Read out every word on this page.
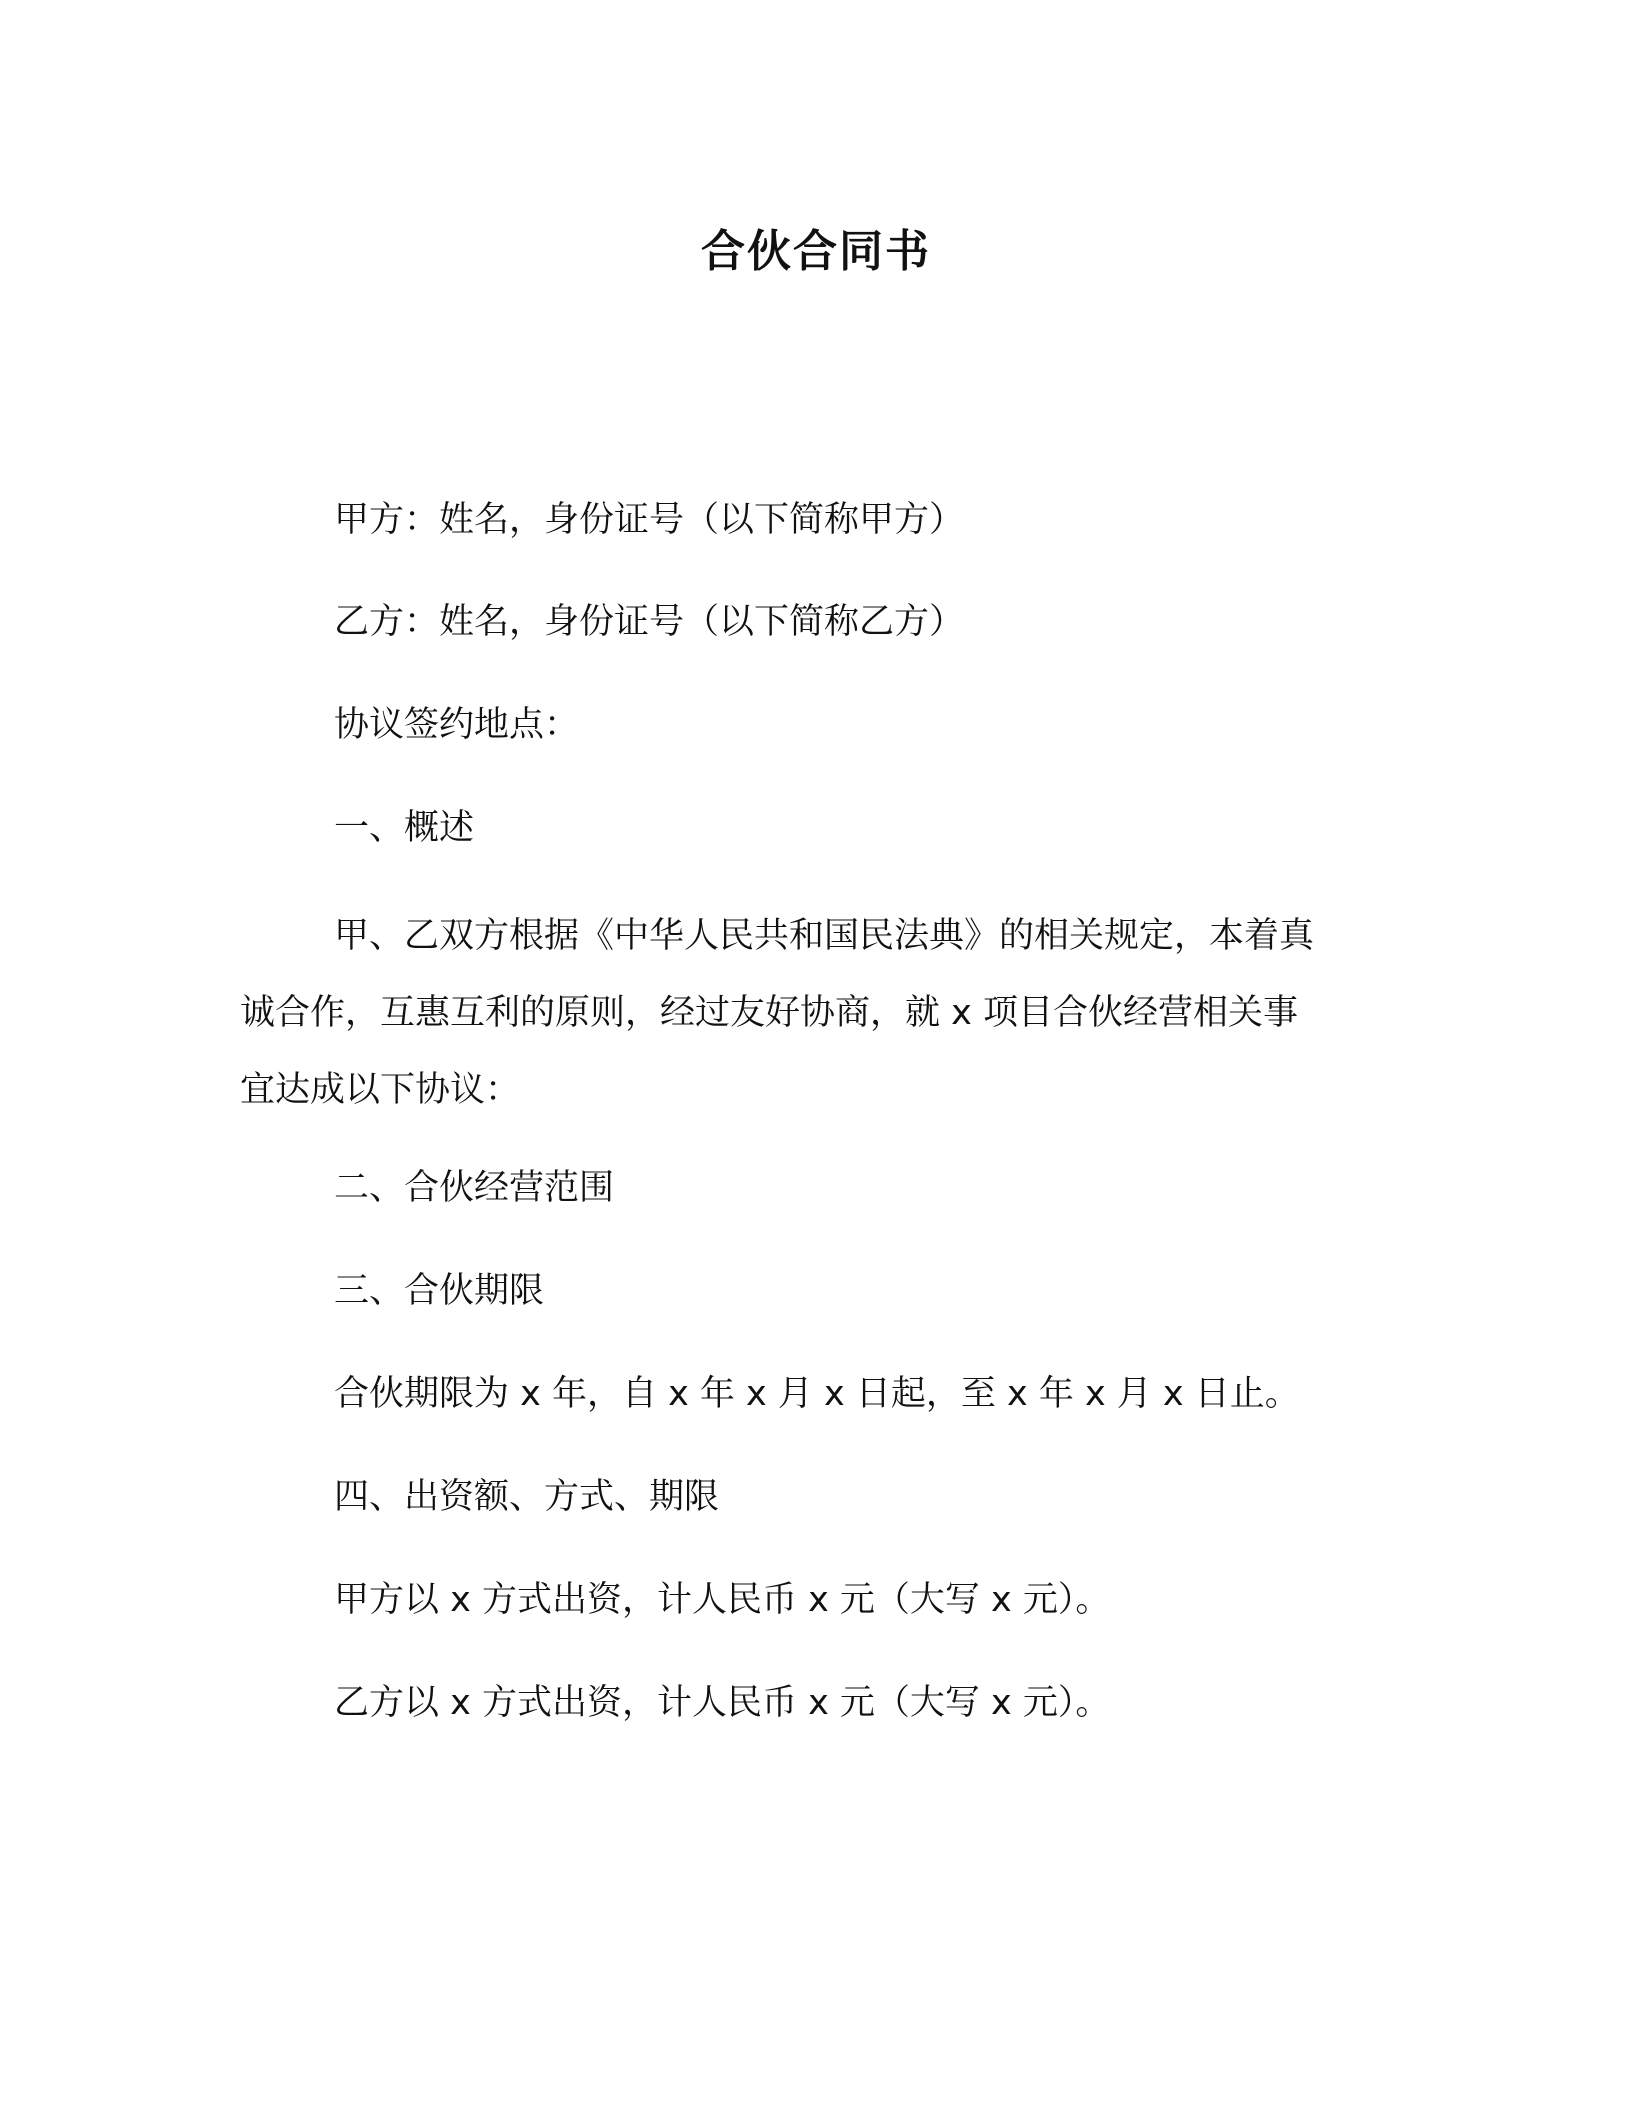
合伙合同书
甲方：姓名，身份证号（以下简称甲方）
乙方：姓名，身份证号（以下简称乙方）
协议签约地点：
一、概述
甲、乙双方根据《中华人民共和国民法典》的相关规定，本着真
诚合作，互惠互利的原则，经过友好协商，就 x 项目合伙经营相关事
宜达成以下协议：
二、合伙经营范围
三、合伙期限
合伙期限为 x 年，自 x 年 x 月 x 日起，至 x 年 x 月 x 日止。
四、出资额、方式、期限
甲方以 x 方式出资，计人民币 x 元（大写 x 元）。
乙方以 x 方式出资，计人民币 x 元（大写 x 元）。
